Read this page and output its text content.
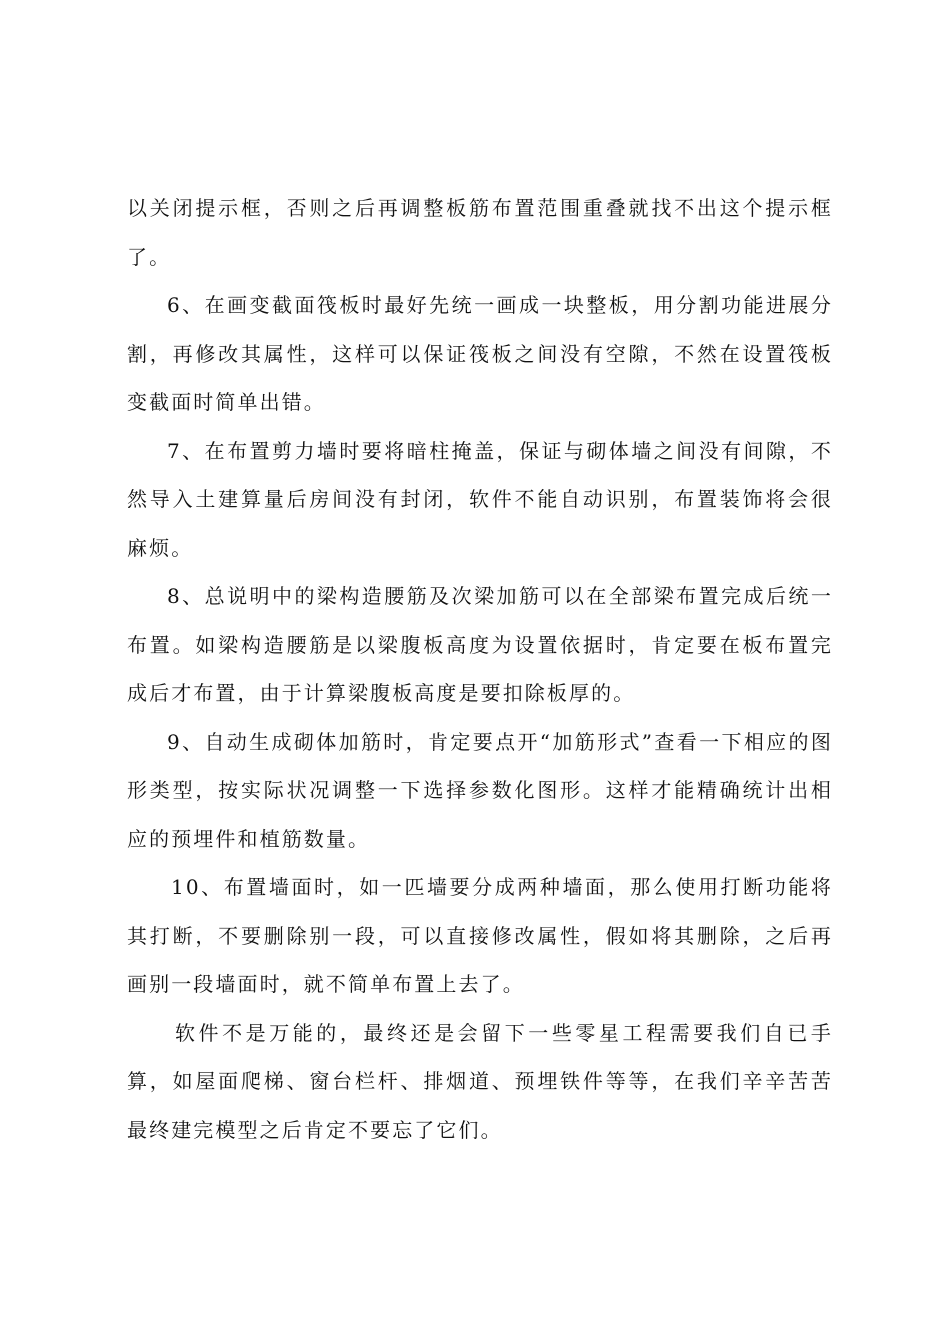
以关闭提示框，否则之后再调整板筋布置范围重叠就找不出这个提示框了。

6、在画变截面筏板时最好先统一画成一块整板，用分割功能进展分割，再修改其属性，这样可以保证筏板之间没有空隙，不然在设置筏板变截面时简单出错。

7、在布置剪力墙时要将暗柱掩盖，保证与砌体墙之间没有间隙，不然导入土建算量后房间没有封闭，软件不能自动识别，布置装饰将会很麻烦。

8、总说明中的梁构造腰筋及次梁加筋可以在全部梁布置完成后统一布置。如梁构造腰筋是以梁腹板高度为设置依据时，肯定要在板布置完成后才布置，由于计算梁腹板高度是要扣除板厚的。

9、自动生成砌体加筋时，肯定要点开“加筋形式”查看一下相应的图形类型，按实际状况调整一下选择参数化图形。这样才能精确统计出相应的预埋件和植筋数量。

10、布置墙面时，如一匹墙要分成两种墙面，那么使用打断功能将其打断，不要删除别一段，可以直接修改属性，假如将其删除，之后再画别一段墙面时，就不简单布置上去了。

软件不是万能的，最终还是会留下一些零星工程需要我们自已手算，如屋面爬梯、窗台栏杆、排烟道、预埋铁件等等，在我们辛辛苦苦最终建完模型之后肯定不要忘了它们。
